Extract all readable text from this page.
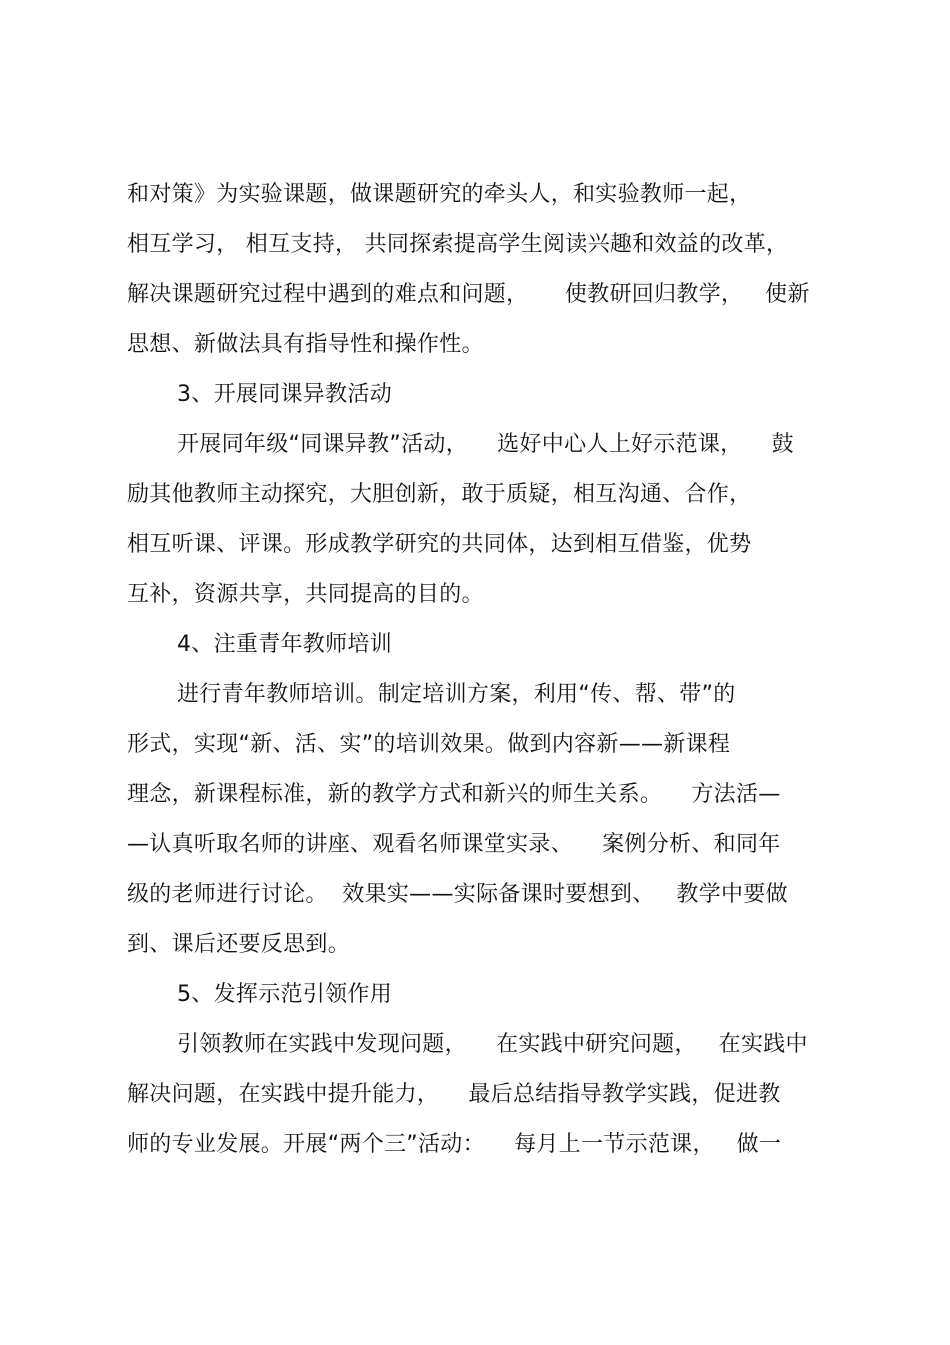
和对策》为实验课题，做课题研究的牵头人，和实验教师一起，
相互学习， 相互支持， 共同探索提高学生阅读兴趣和效益的改革，
解决课题研究过程中遇到的难点和问题，     使教研回归教学，   使新
思想、新做法具有指导性和操作性。
3、开展同课异教活动
开展同年级“同课异教”活动，    选好中心人上好示范课，    鼓
励其他教师主动探究，大胆创新，敢于质疑，相互沟通、合作，
相互听课、评课。形成教学研究的共同体，达到相互借鉴，优势
互补，资源共享，共同提高的目的。
4、注重青年教师培训
进行青年教师培训。制定培训方案，利用“传、帮、带”的
形式，实现“新、活、实”的培训效果。做到内容新——新课程
理念，新课程标准，新的教学方式和新兴的师生关系。    方法活—
—认真听取名师的讲座、观看名师课堂实录、    案例分析、和同年
级的老师进行讨论。  效果实——实际备课时要想到、   教学中要做
到、课后还要反思到。
5、发挥示范引领作用
引领教师在实践中发现问题，    在实践中研究问题，   在实践中
解决问题，在实践中提升能力，    最后总结指导教学实践，促进教
师的专业发展。开展“两个三”活动：    每月上一节示范课，   做一
